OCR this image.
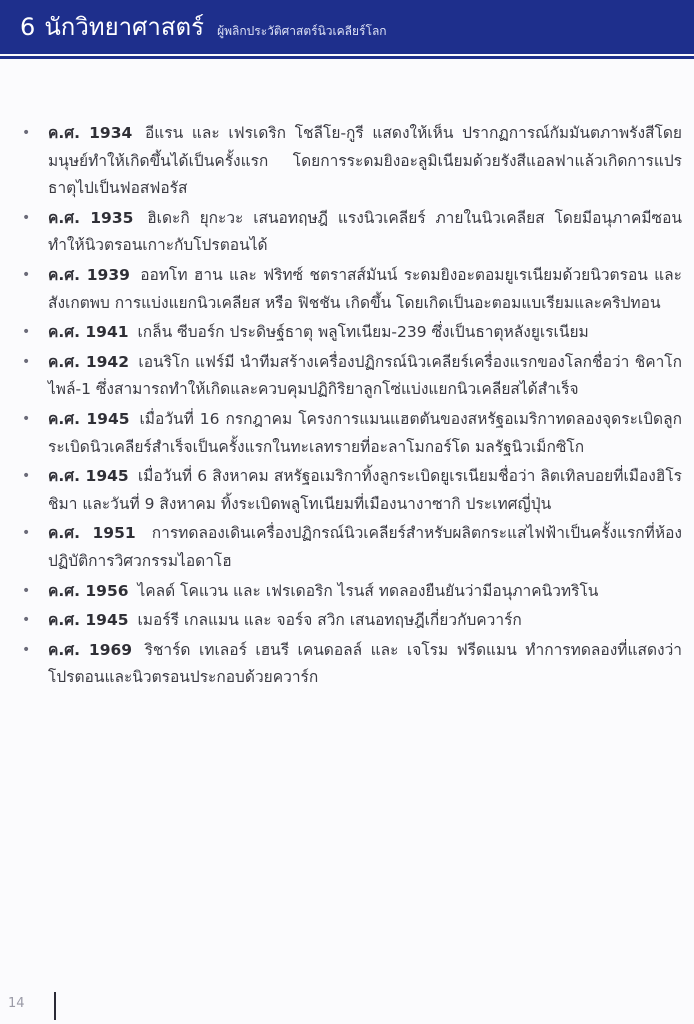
6 นักวิทยาศาสตร์ ผู้พลิกประวัติศาสตร์นิวเคลียร์โลก
• ค.ศ. 1934 อีแรน และ เฟรเดริก โชลีโย-กูรี แสดงให้เห็น ปรากฏการณ์กัมมันตภาพรังสีโดยมนุษย์ทำให้เกิดขึ้นได้เป็นครั้งแรก โดยการระดมยิงอะลูมิเนียมด้วยรังสีแอลฟาแล้วเกิดการแปรธาตุไปเป็นฟอสฟอรัส
• ค.ศ. 1935 ฮิเดะกิ ยุกะวะ เสนอทฤษฎี แรงนิวเคลียร์ ภายในนิวเคลียส โดยมีอนุภาคมีซอนทำให้นิวตรอนเกาะกับโปรตอนได้
• ค.ศ. 1939 ออทโท ฮาน และ ฟริทซ์ ชตราสส์มันน์ ระดมยิงอะตอมยูเรเนียมด้วยนิวตรอน และสังเกตพบ การแบ่งแยกนิวเคลียส หรือ ฟิชชัน เกิดขึ้น โดยเกิดเป็นอะตอมแบเรียมและคริปทอน
• ค.ศ. 1941 เกล็น ซีบอร์ก ประดิษฐ์ธาตุ พลูโทเนียม-239 ซึ่งเป็นธาตุหลังยูเรเนียม
• ค.ศ. 1942 เอนริโก แฟร์มี นำทีมสร้างเครื่องปฏิกรณ์นิวเคลียร์เครื่องแรกของโลกชื่อว่า ชิคาโกไพล์-1 ซึ่งสามารถทำให้เกิดและควบคุมปฏิกิริยาลูกโซ่แบ่งแยกนิวเคลียสได้สำเร็จ
• ค.ศ. 1945 เมื่อวันที่ 16 กรกฎาคม โครงการแมนแฮตตันของสหรัฐอเมริกาทดลองจุดระเบิดลูกระเบิดนิวเคลียร์สำเร็จเป็นครั้งแรกในทะเลทรายที่อะลาโมกอร์โด มลรัฐนิวเม็กซิโก
• ค.ศ. 1945 เมื่อวันที่ 6 สิงหาคม สหรัฐอเมริกาทิ้งลูกระเบิดยูเรเนียมชื่อว่า ลิตเทิลบอยที่เมืองฮิโรชิมา และวันที่ 9 สิงหาคม ทิ้งระเบิดพลูโทเนียมที่เมืองนางาซากิ ประเทศญี่ปุ่น
• ค.ศ. 1951 การทดลองเดินเครื่องปฏิกรณ์นิวเคลียร์สำหรับผลิตกระแสไฟฟ้าเป็นครั้งแรกที่ห้องปฏิบัติการวิศวกรรมไอดาโฮ
• ค.ศ. 1956 ไคลด์ โคแวน และ เฟรเดอริก ไรนส์ ทดลองยืนยันว่ามีอนุภาคนิวทริโน
• ค.ศ. 1945 เมอร์รี เกลแมน และ จอร์จ สวิก เสนอทฤษฎีเกี่ยวกับควาร์ก
• ค.ศ. 1969 ริชาร์ด เทเลอร์ เฮนรี เคนดอลล์ และ เจโรม ฟรีดแมน ทำการทดลองที่แสดงว่าโปรตอนและนิวตรอนประกอบด้วยควาร์ก
14
